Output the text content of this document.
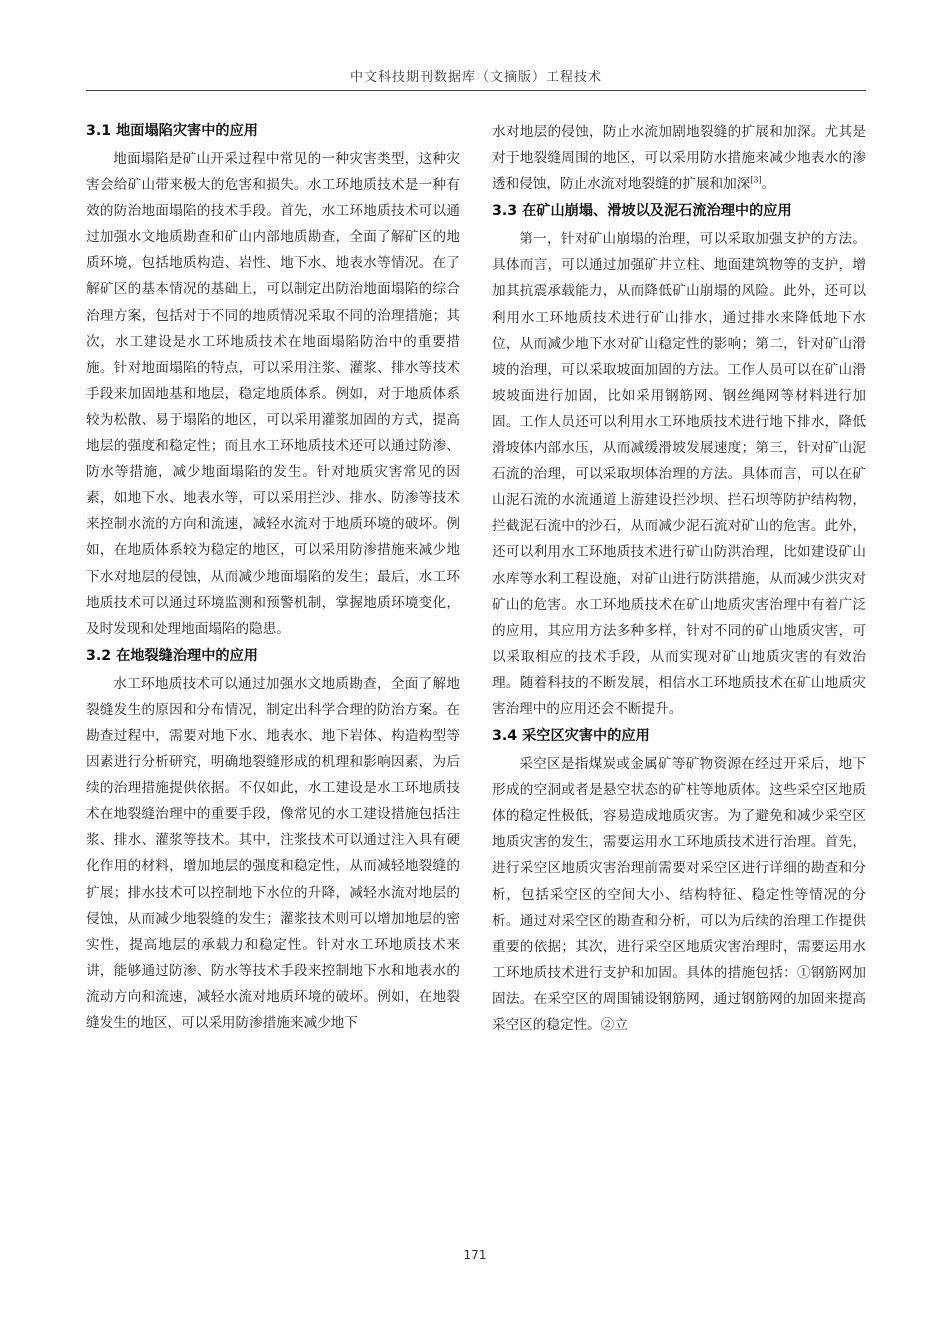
中文科技期刊数据库（文摘版）工程技术
3.1 地面塌陷灾害中的应用

地面塌陷是矿山开采过程中常见的一种灾害类型，这种灾害会给矿山带来极大的危害和损失。水工环地质技术是一种有效的防治地面塌陷的技术手段。首先，水工环地质技术可以通过加强水文地质勘查和矿山内部地质勘查，全面了解矿区的地质环境，包括地质构造、岩性、地下水、地表水等情况。在了解矿区的基本情况的基础上，可以制定出防治地面塌陷的综合治理方案，包括对于不同的地质情况采取不同的治理措施；其次，水工建设是水工环地质技术在地面塌陷防治中的重要措施。针对地面塌陷的特点，可以采用注浆、灌浆、排水等技术手段来加固地基和地层，稳定地质体系。例如，对于地质体系较为松散、易于塌陷的地区，可以采用灌浆加固的方式，提高地层的强度和稳定性；而且水工环地质技术还可以通过防渗、防水等措施，减少地面塌陷的发生。针对地质灾害常见的因素，如地下水、地表水等，可以采用拦沙、排水、防渗等技术来控制水流的方向和流速，减轻水流对于地质环境的破坏。例如，在地质体系较为稳定的地区，可以采用防渗措施来减少地下水对地层的侵蚀，从而减少地面塌陷的发生；最后，水工环地质技术可以通过环境监测和预警机制，掌握地质环境变化，及时发现和处理地面塌陷的隐患。

3.2 在地裂缝治理中的应用

水工环地质技术可以通过加强水文地质勘查，全面了解地裂缝发生的原因和分布情况，制定出科学合理的防治方案。在勘查过程中，需要对地下水、地表水、地下岩体、构造构型等因素进行分析研究，明确地裂缝形成的机理和影响因素，为后续的治理措施提供依据。不仅如此，水工建设是水工环地质技术在地裂缝治理中的重要手段，像常见的水工建设措施包括注浆、排水、灌浆等技术。其中，注浆技术可以通过注入具有硬化作用的材料，增加地层的强度和稳定性，从而减轻地裂缝的扩展；排水技术可以控制地下水位的升降，减轻水流对地层的侵蚀，从而减少地裂缝的发生；灌浆技术则可以增加地层的密实性，提高地层的承载力和稳定性。针对水工环地质技术来讲，能够通过防渗、防水等技术手段来控制地下水和地表水的流动方向和流速，减轻水流对地质环境的破坏。例如，在地裂缝发生的地区，可以采用防渗措施来减少地下

水对地层的侵蚀，防止水流加剧地裂缝的扩展和加深。尤其是对于地裂缝周围的地区，可以采用防水措施来减少地表水的渗透和侵蚀，防止水流对地裂缝的扩展和加深[3]。

3.3 在矿山崩塌、滑坡以及泥石流治理中的应用

第一，针对矿山崩塌的治理，可以采取加强支护的方法。具体而言，可以通过加强矿井立柱、地面建筑物等的支护，增加其抗震承载能力，从而降低矿山崩塌的风险。此外，还可以利用水工环地质技术进行矿山排水，通过排水来降低地下水位，从而减少地下水对矿山稳定性的影响；第二，针对矿山滑坡的治理，可以采取坡面加固的方法。工作人员可以在矿山滑坡坡面进行加固，比如采用钢筋网、钢丝绳网等材料进行加固。工作人员还可以利用水工环地质技术进行地下排水，降低滑坡体内部水压，从而减缓滑坡发展速度；第三，针对矿山泥石流的治理，可以采取坝体治理的方法。具体而言，可以在矿山泥石流的水流通道上游建设拦沙坝、拦石坝等防护结构物，拦截泥石流中的沙石，从而减少泥石流对矿山的危害。此外，还可以利用水工环地质技术进行矿山防洪治理，比如建设矿山水库等水利工程设施，对矿山进行防洪措施，从而减少洪灾对矿山的危害。水工环地质技术在矿山地质灾害治理中有着广泛的应用，其应用方法多种多样，针对不同的矿山地质灾害，可以采取相应的技术手段，从而实现对矿山地质灾害的有效治理。随着科技的不断发展，相信水工环地质技术在矿山地质灾害治理中的应用还会不断提升。

3.4 采空区灾害中的应用

采空区是指煤炭或金属矿等矿物资源在经过开采后，地下形成的空洞或者是悬空状态的矿柱等地质体。这些采空区地质体的稳定性极低，容易造成地质灾害。为了避免和减少采空区地质灾害的发生，需要运用水工环地质技术进行治理。首先，进行采空区地质灾害治理前需要对采空区进行详细的勘查和分析，包括采空区的空间大小、结构特征、稳定性等情况的分析。通过对采空区的勘查和分析，可以为后续的治理工作提供重要的依据；其次，进行采空区地质灾害治理时，需要运用水工环地质技术进行支护和加固。具体的措施包括：①钢筋网加固法。在采空区的周围铺设钢筋网，通过钢筋网的加固来提高采空区的稳定性。②立

171
